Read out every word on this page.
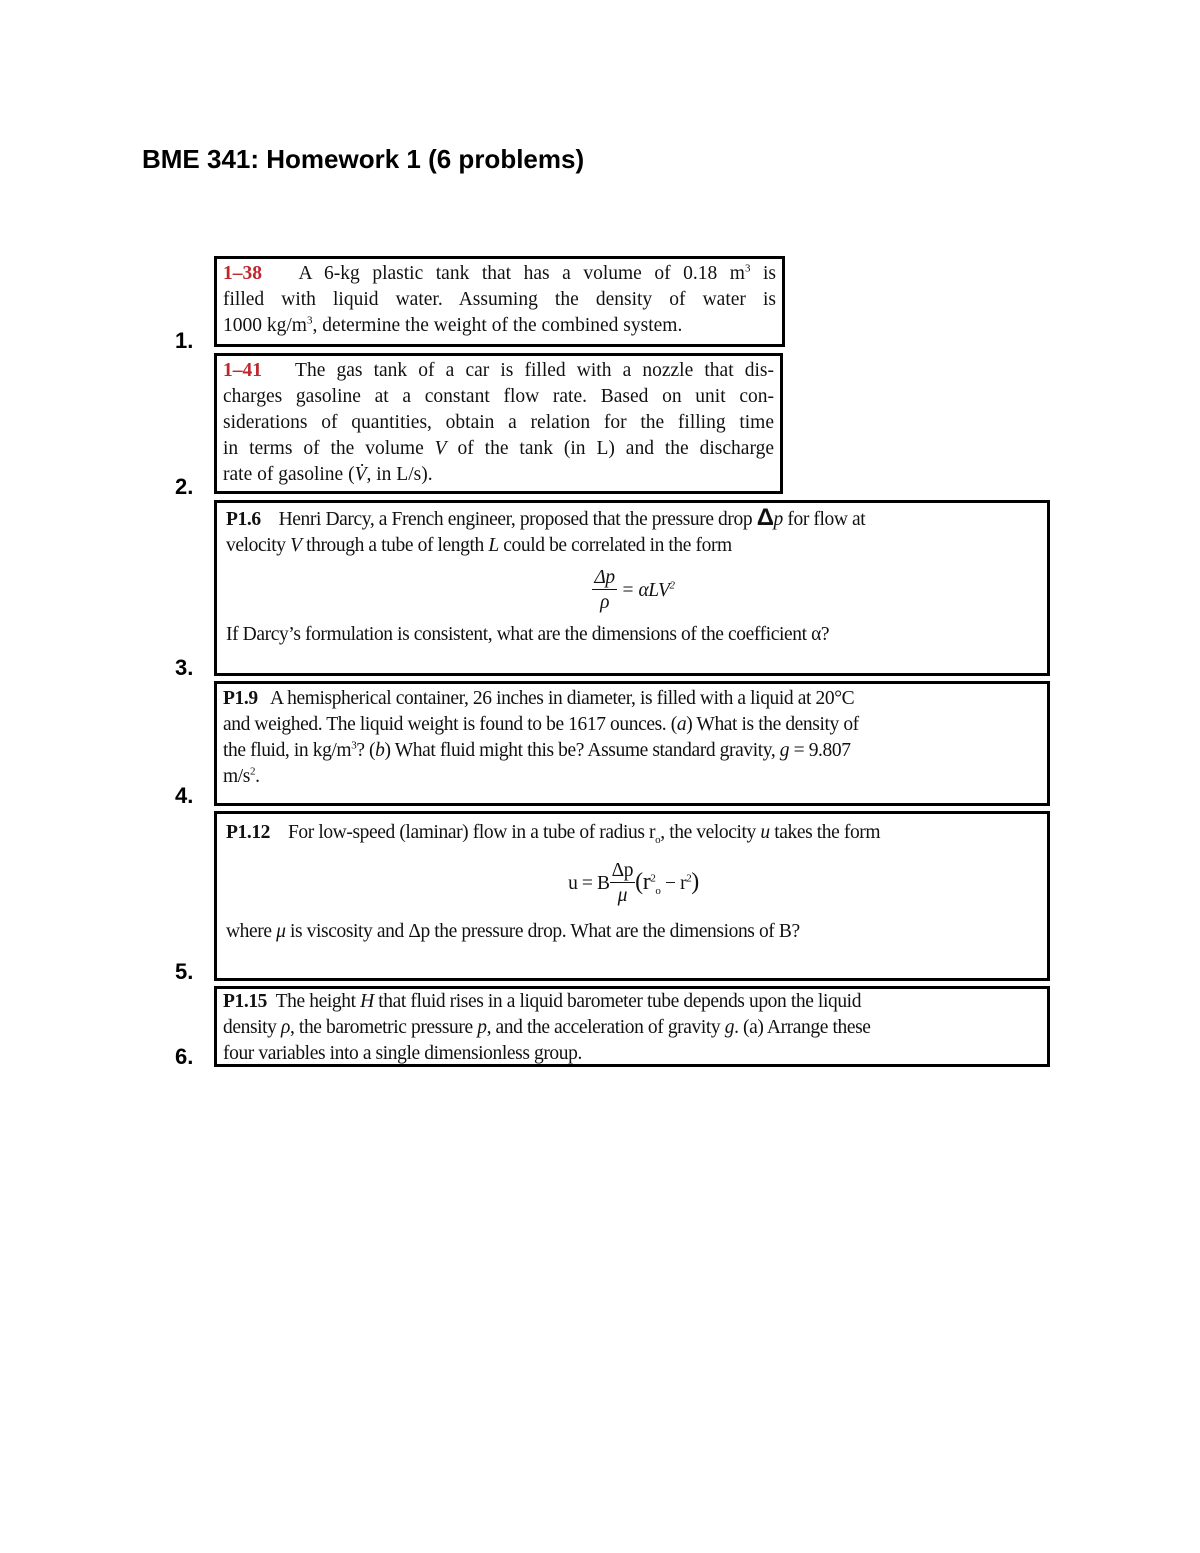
BME 341: Homework 1 (6 problems)
1.
2.
3.
4.
5.
6.

1–38 A 6-kg plastic tank that has a volume of 0.18 $m^3$ is

filled with liquid water. Assuming the density of water is

1000 $kg/m^3$, determine the weight of the combined system.

1–41 The gas tank of a car is filled with a nozzle that dis-

charges gasoline at a constant flow rate. Based on unit con-

siderations of quantities, obtain a relation for the filling time

in terms of the volume V of the tank (in L) and the discharge

rate of gasoline (V̇, in L/s).

P1.6 Henri Darcy, a French engineer, proposed that the pressure drop Δp for flow at

velocity V through a tube of length L could be correlated in the form

$\frac{\Delta p}{\rho} = \alpha LV^2$

If Darcy’s formulation is consistent, what are the dimensions of the coefficient α?

P1.9 A hemispherical container, 26 inches in diameter, is filled with a liquid at 20°C

and weighed. The liquid weight is found to be 1617 ounces. (a) What is the density of

the fluid, in $kg/m^3$? (b) What fluid might this be? Assume standard gravity, g = 9.807

$m/s^2$.

P1.12 For low-speed (laminar) flow in a tube of radius $r_o$, the velocity u takes the form

u = B $\frac{\Delta p}{\mu} (r^2_o - r^2)$

where μ is viscosity and Δp the pressure drop. What are the dimensions of B?

P1.15 The height H that fluid rises in a liquid barometer tube depends upon the liquid

density ρ, the barometric pressure p, and the acceleration of gravity g. (a) Arrange these

four variables into a single dimensionless group.
